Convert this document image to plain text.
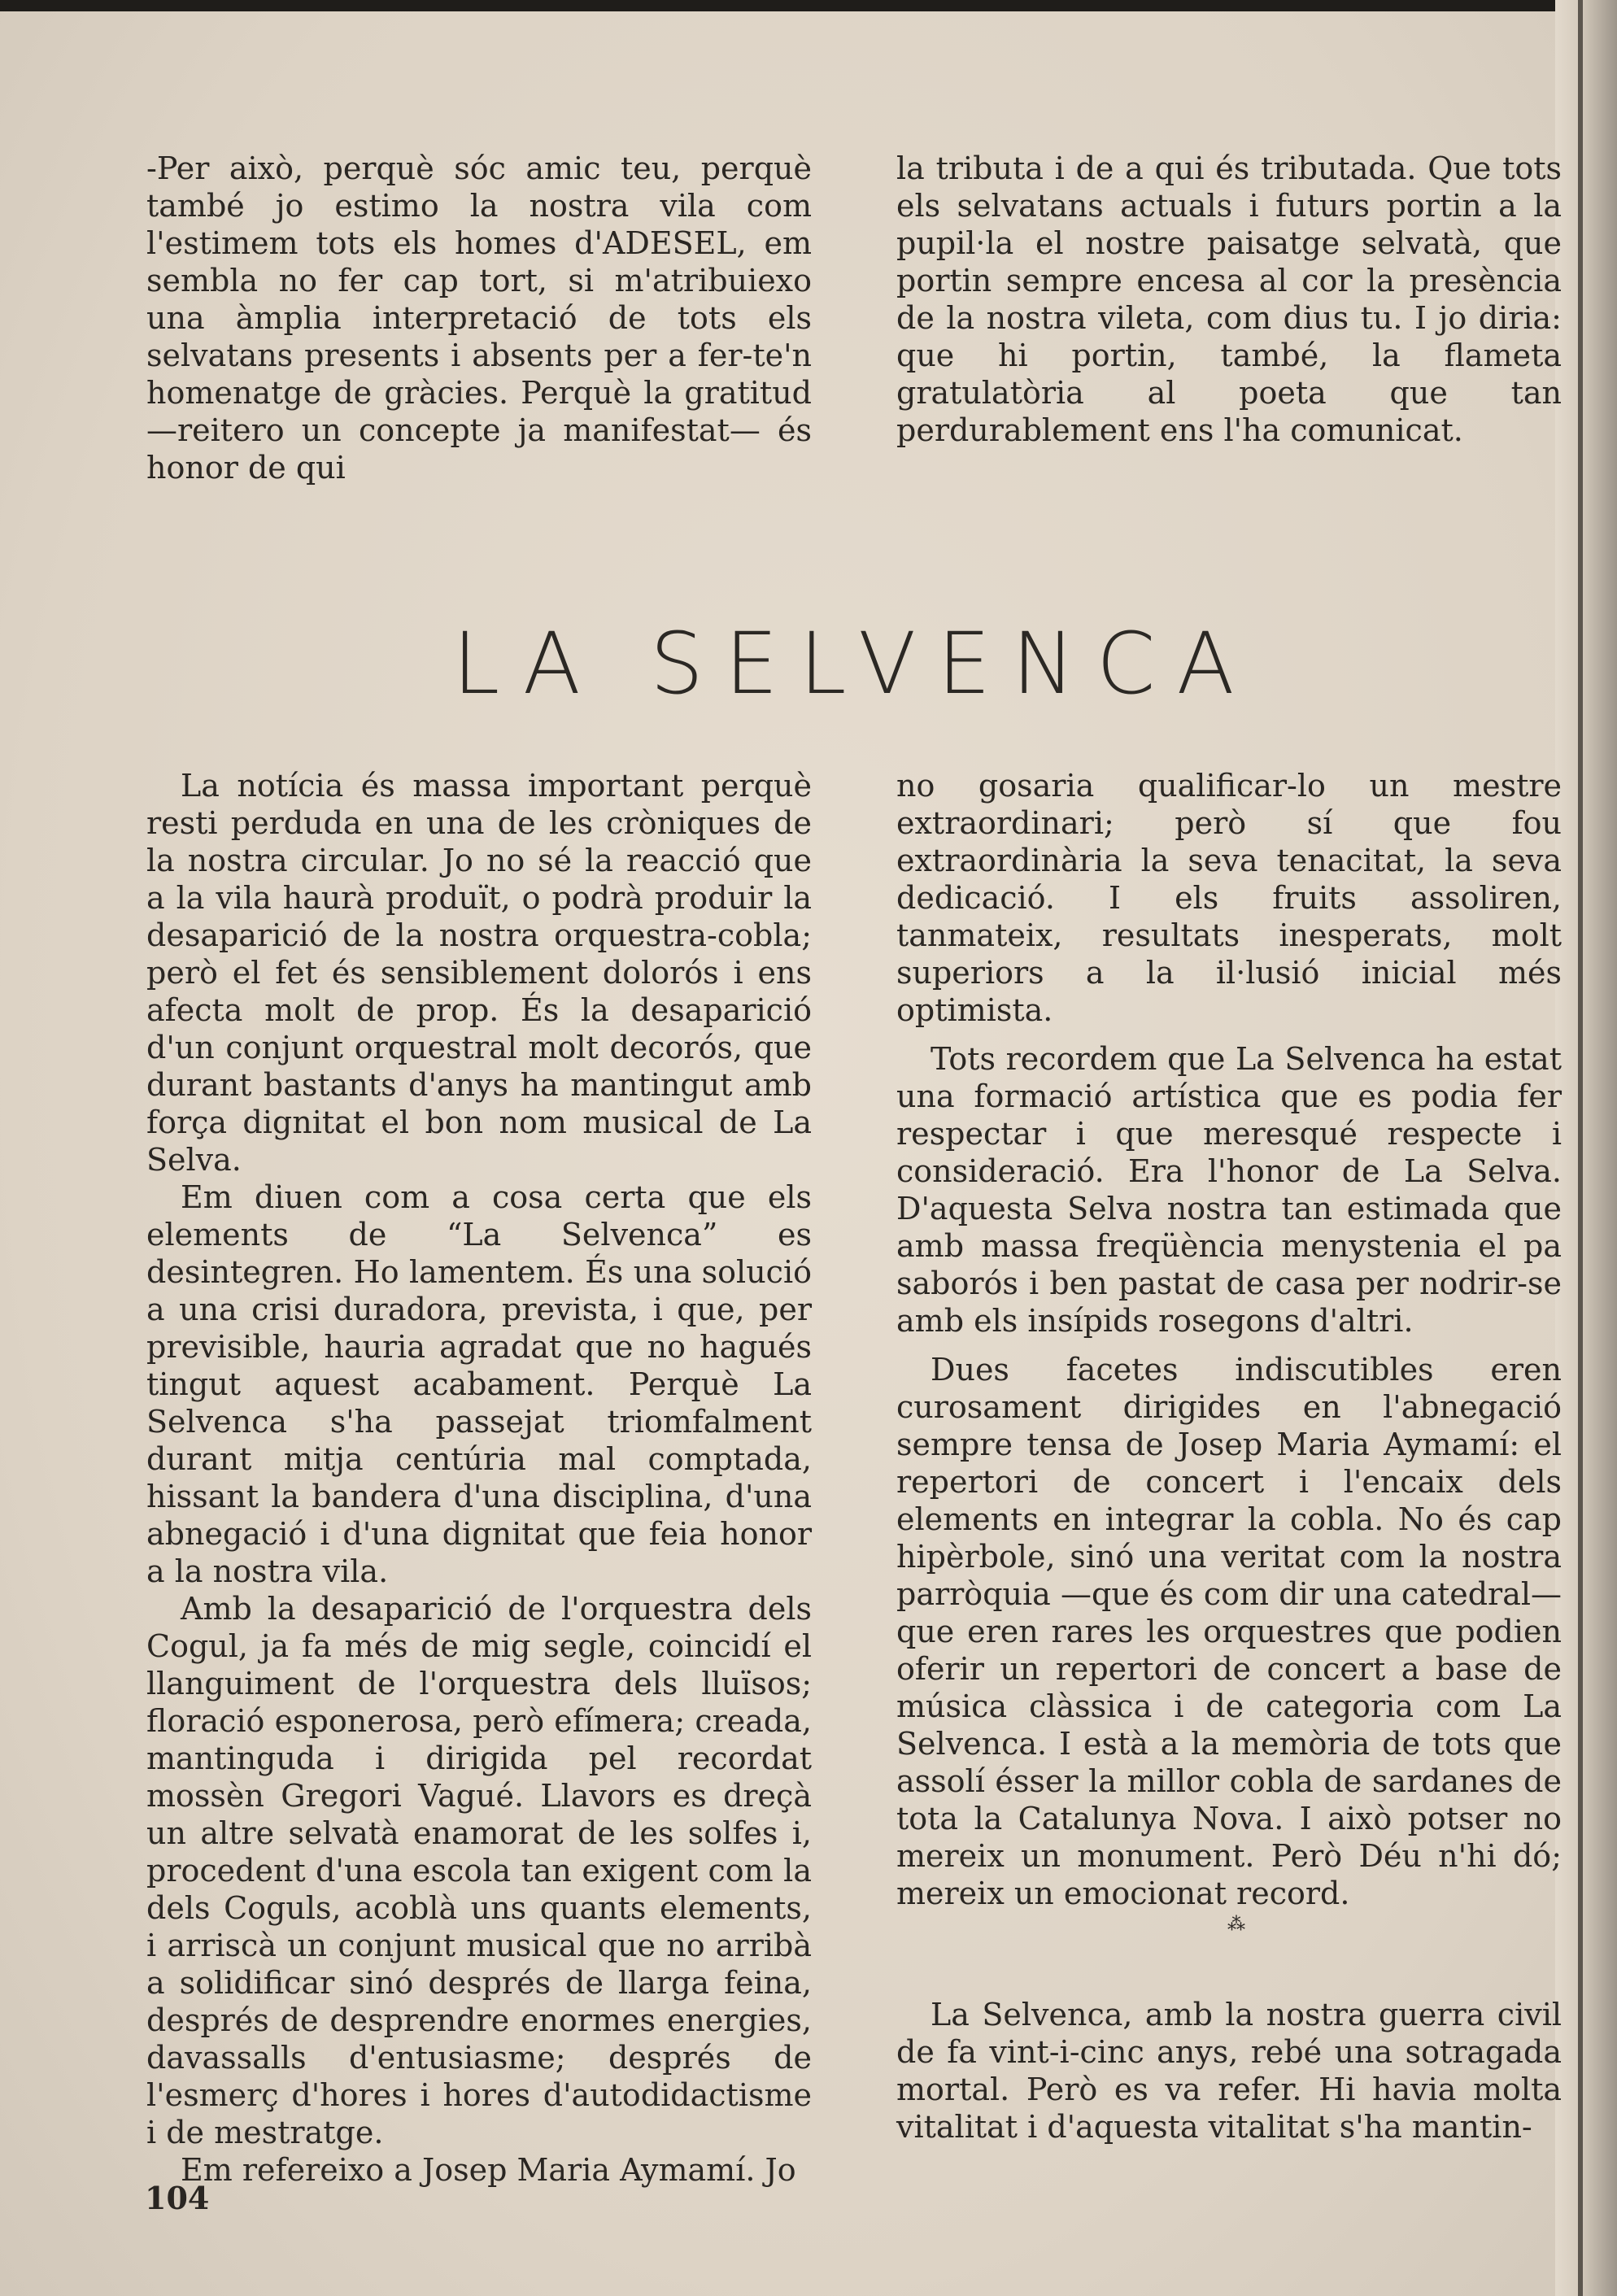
-Per això, perquè sóc amic teu, perquè també jo estimo la nostra vila com l'estimem tots els homes d'ADESEL, em sembla no fer cap tort, si m'atribuiexo una àmplia interpretació de tots els selvatans presents i absents per a fer-te'n homenatge de gràcies. Perquè la gratitud —reitero un concepte ja manifestat— és honor de qui

la tributa i de a qui és tributada. Que tots els selvatans actuals i futurs portin a la pupil·la el nostre paisatge selvatà, que portin sempre encesa al cor la presència de la nostra vileta, com dius tu. I jo diria: que hi portin, també, la flameta gratulatòria al poeta que tan perdurablement ens l'ha comunicat.

LA SELVENCA

La notícia és massa important perquè resti perduda en una de les cròniques de la nostra circular. Jo no sé la reacció que a la vila haurà produït, o podrà produir la desaparició de la nostra orquestra-cobla; però el fet és sensiblement dolorós i ens afecta molt de prop. És la desaparició d'un conjunt orquestral molt decorós, que durant bastants d'anys ha mantingut amb força dignitat el bon nom musical de La Selva.

Em diuen com a cosa certa que els elements de “La Selvenca” es desintegren. Ho lamentem. És una solució a una crisi duradora, prevista, i que, per previsible, hauria agradat que no hagués tingut aquest acabament. Perquè La Selvenca s'ha passejat triomfalment durant mitja centúria mal comptada, hissant la bandera d'una disciplina, d'una abnegació i d'una dignitat que feia honor a la nostra vila.

Amb la desaparició de l'orquestra dels Cogul, ja fa més de mig segle, coincidí el llanguiment de l'orquestra dels lluïsos; floració esponerosa, però efímera; creada, mantinguda i dirigida pel recordat mossèn Gregori Vagué. Llavors es dreçà un altre selvatà enamorat de les solfes i, procedent d'una escola tan exigent com la dels Coguls, acoblà uns quants elements, i arriscà un conjunt musical que no arribà a solidificar sinó després de llarga feina, després de desprendre enormes energies, davassalls d'entusiasme; després de l'esmerç d'hores i hores d'autodidactisme i de mestratge.

Em refereixo a Josep Maria Aymamí. Jo

no gosaria qualificar-lo un mestre extraordinari; però sí que fou extraordinària la seva tenacitat, la seva dedicació. I els fruits assoliren, tanmateix, resultats inesperats, molt superiors a la il·lusió inicial més optimista.

Tots recordem que La Selvenca ha estat una formació artística que es podia fer respectar i que meresqué respecte i consideració. Era l'honor de La Selva. D'aquesta Selva nostra tan estimada que amb massa freqüència menystenia el pa saborós i ben pastat de casa per nodrir-se amb els insípids rosegons d'altri.

Dues facetes indiscutibles eren curosament dirigides en l'abnegació sempre tensa de Josep Maria Aymamí: el repertori de concert i l'encaix dels elements en integrar la cobla. No és cap hipèrbole, sinó una veritat com la nostra parròquia —que és com dir una catedral— que eren rares les orquestres que podien oferir un repertori de concert a base de música clàssica i de categoria com La Selvenca. I està a la memòria de tots que assolí ésser la millor cobla de sardanes de tota la Catalunya Nova. I això potser no mereix un monument. Però Déu n'hi dó; mereix un emocionat record.

⁂

La Selvenca, amb la nostra guerra civil de fa vint-i-cinc anys, rebé una sotragada mortal. Però es va refer. Hi havia molta vitalitat i d'aquesta vitalitat s'ha mantin-

104
